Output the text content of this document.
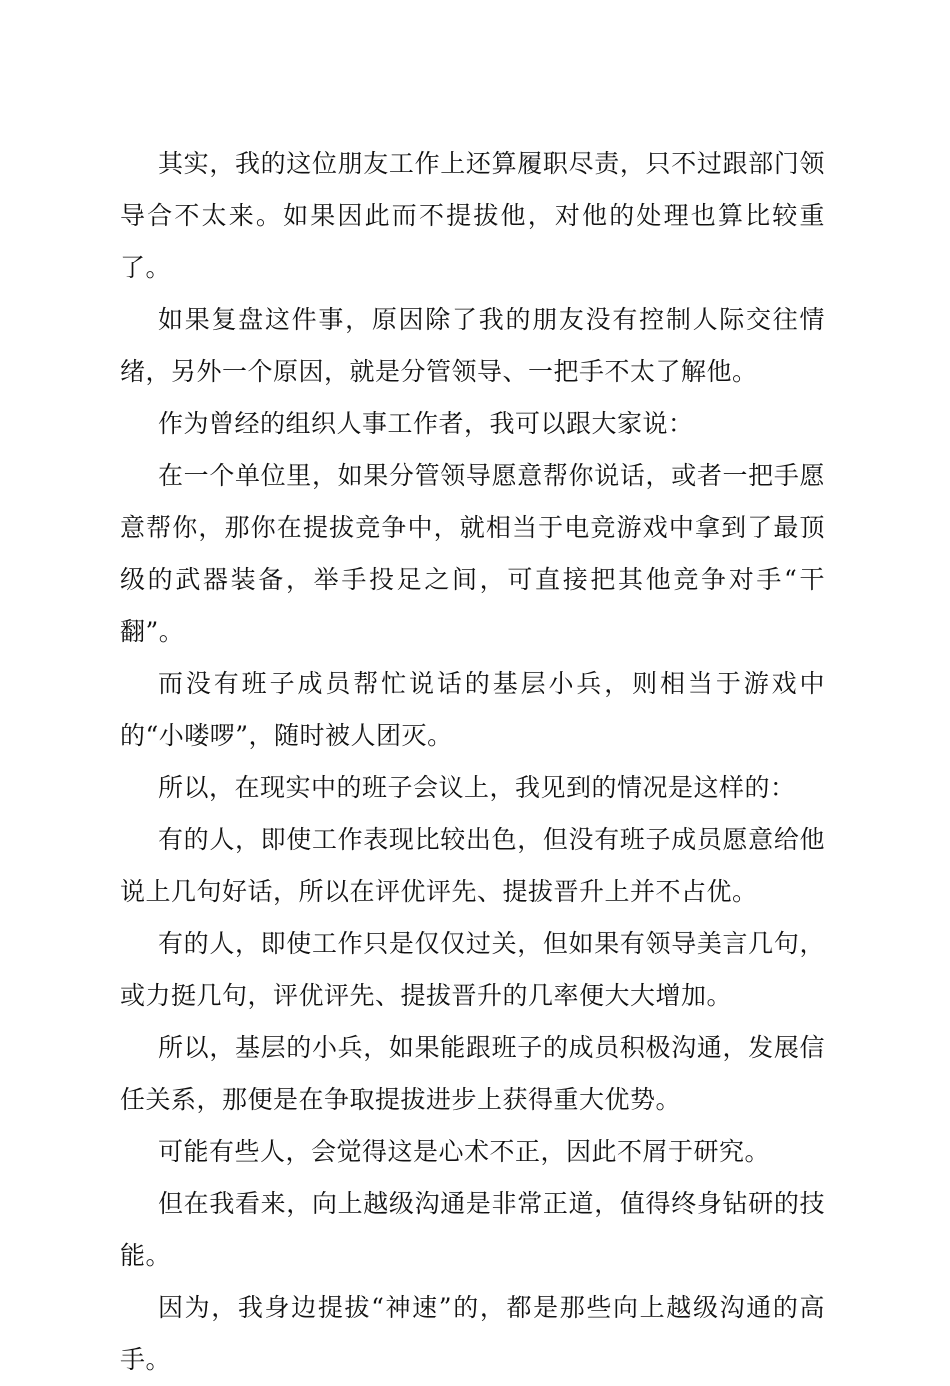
其实，我的这位朋友工作上还算履职尽责，只不过跟部门领导合不太来。如果因此而不提拔他，对他的处理也算比较重了。

如果复盘这件事，原因除了我的朋友没有控制人际交往情绪，另外一个原因，就是分管领导、一把手不太了解他。

作为曾经的组织人事工作者，我可以跟大家说：

在一个单位里，如果分管领导愿意帮你说话，或者一把手愿意帮你，那你在提拔竞争中，就相当于电竞游戏中拿到了最顶级的武器装备，举手投足之间，可直接把其他竞争对手“干翻”。

而没有班子成员帮忙说话的基层小兵，则相当于游戏中的“小喽啰”，随时被人团灭。

所以，在现实中的班子会议上，我见到的情况是这样的：

有的人，即使工作表现比较出色，但没有班子成员愿意给他说上几句好话，所以在评优评先、提拔晋升上并不占优。

有的人，即使工作只是仅仅过关，但如果有领导美言几句，或力挺几句，评优评先、提拔晋升的几率便大大增加。

所以，基层的小兵，如果能跟班子的成员积极沟通，发展信任关系，那便是在争取提拔进步上获得重大优势。

可能有些人，会觉得这是心术不正，因此不屑于研究。

但在我看来，向上越级沟通是非常正道，值得终身钻研的技能。

因为，我身边提拔“神速”的，都是那些向上越级沟通的高手。
